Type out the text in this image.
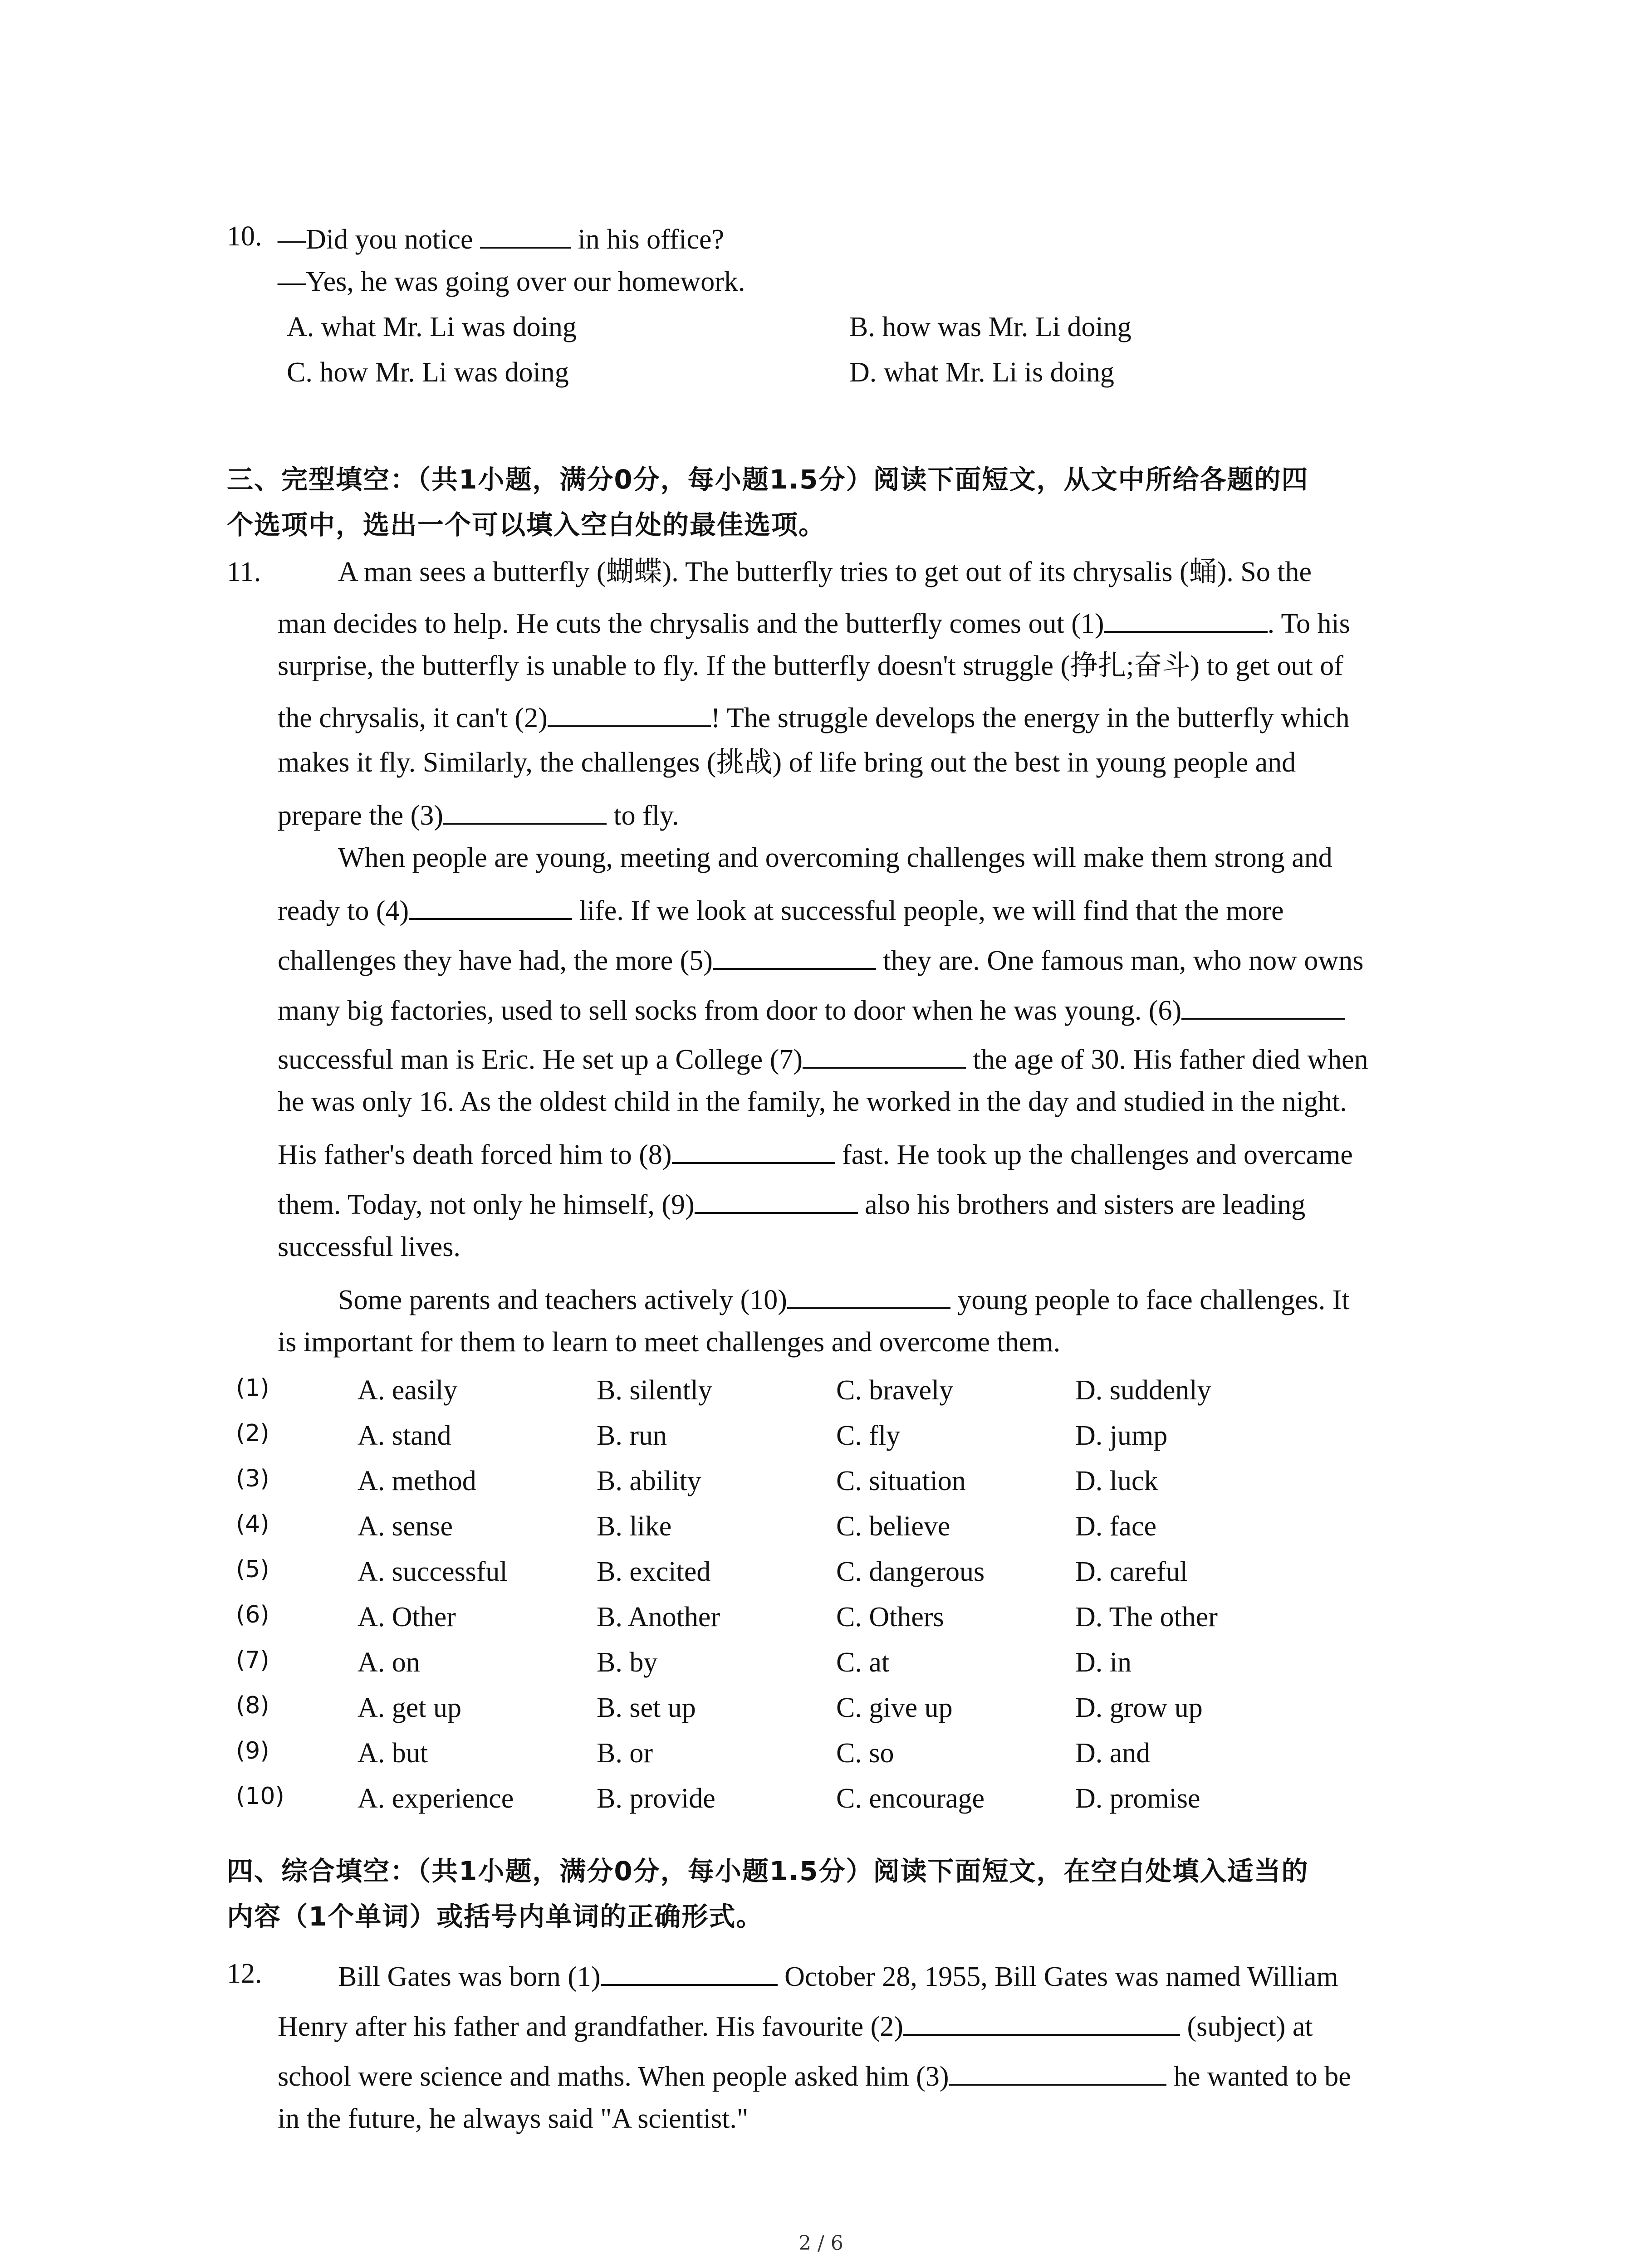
10. —Did you notice	in his office?
—Yes, he was going over our homework.
A. what Mr. Li was doing	B. how was Mr. Li doing
C. how Mr. Li was doing	D. what Mr. Li is doing
三、完型填空：（共1小题，满分0分，每小题1.5分）阅读下面短文，从文中所给各题的四
个选项中，选出一个可以填入空白处的最佳选项。
11.	A man sees a butterfly (蝴蝶). The butterfly tries to get out of its chrysalis (蛹). So the
man decides to help. He cuts the chrysalis and the butterfly comes out (1)	. To his
surprise, the butterfly is unable to fly. If the butterfly doesn't struggle (挣扎;奋斗) to get out of
the chrysalis, it can't (2)	! The struggle develops the energy in the butterfly which
makes it fly. Similarly, the challenges (挑战) of life bring out the best in young people and
prepare the (3)	to fly.
When people are young, meeting and overcoming challenges will make them strong and
ready to (4)	life. If we look at successful people, we will find that the more
challenges they have had, the more (5)	they are. One famous man, who now owns
many big factories, used to sell socks from door to door when he was young. (6)
successful man is Eric. He set up a College (7)	the age of 30. His father died when
he was only 16. As the oldest child in the family, he worked in the day and studied in the night.
His father's death forced him to (8)	fast. He took up the challenges and overcame
them. Today, not only he himself, (9)	also his brothers and sisters are leading
successful lives.
Some parents and teachers actively (10)	young people to face challenges. It
is important for them to learn to meet challenges and overcome them.
(1)	A. easily	B. silently	C. bravely	D. suddenly
(2)	A. stand	B. run	C. fly	D. jump
(3)	A. method	B. ability	C. situation	D. luck
(4)	A. sense	B. like	C. believe	D. face
(5)	A. successful	B. excited	C. dangerous	D. careful
(6)	A. Other	B. Another	C. Others	D. The other
(7)	A. on	B. by	C. at	D. in
(8)	A. get up	B. set up	C. give up	D. grow up
(9)	A. but	B. or	C. so	D. and
(10)	A. experience	B. provide	C. encourage	D. promise
四、综合填空：（共1小题，满分0分，每小题1.5分）阅读下面短文，在空白处填入适当的
内容（1个单词）或括号内单词的正确形式。
12.	Bill Gates was born (1)	October 28, 1955, Bill Gates was named William
Henry after his father and grandfather. His favourite (2)	(subject) at
school were science and maths. When people asked him (3)	he wanted to be
in the future, he always said "A scientist."
2 / 6
